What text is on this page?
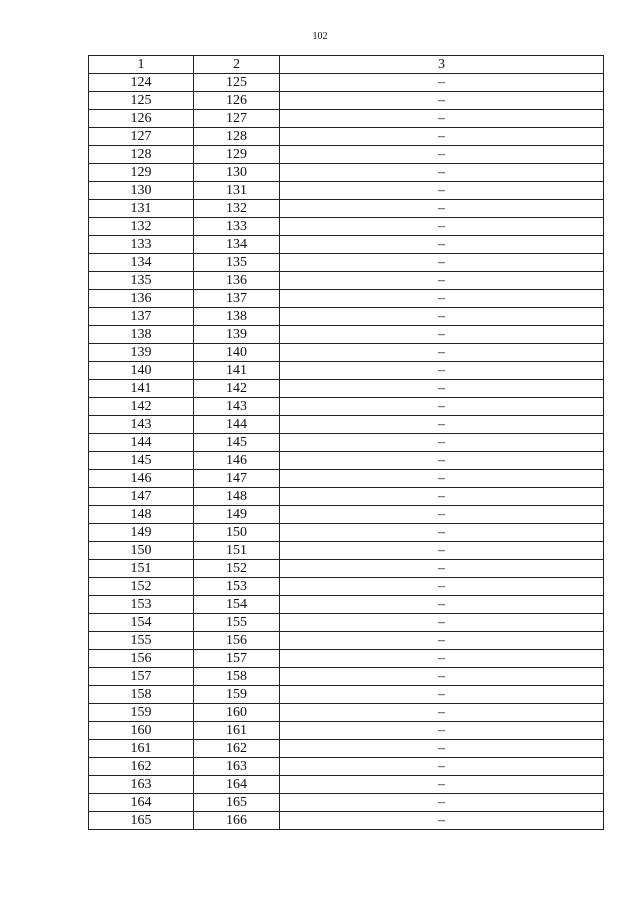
102
1	2	3
124	125	–
125	126	–
126	127	–
127	128	–
128	129	–
129	130	–
130	131	–
131	132	–
132	133	–
133	134	–
134	135	–
135	136	–
136	137	–
137	138	–
138	139	–
139	140	–
140	141	–
141	142	–
142	143	–
143	144	–
144	145	–
145	146	–
146	147	–
147	148	–
148	149	–
149	150	–
150	151	–
151	152	–
152	153	–
153	154	–
154	155	–
155	156	–
156	157	–
157	158	–
158	159	–
159	160	–
160	161	–
161	162	–
162	163	–
163	164	–
164	165	–
165	166	–
